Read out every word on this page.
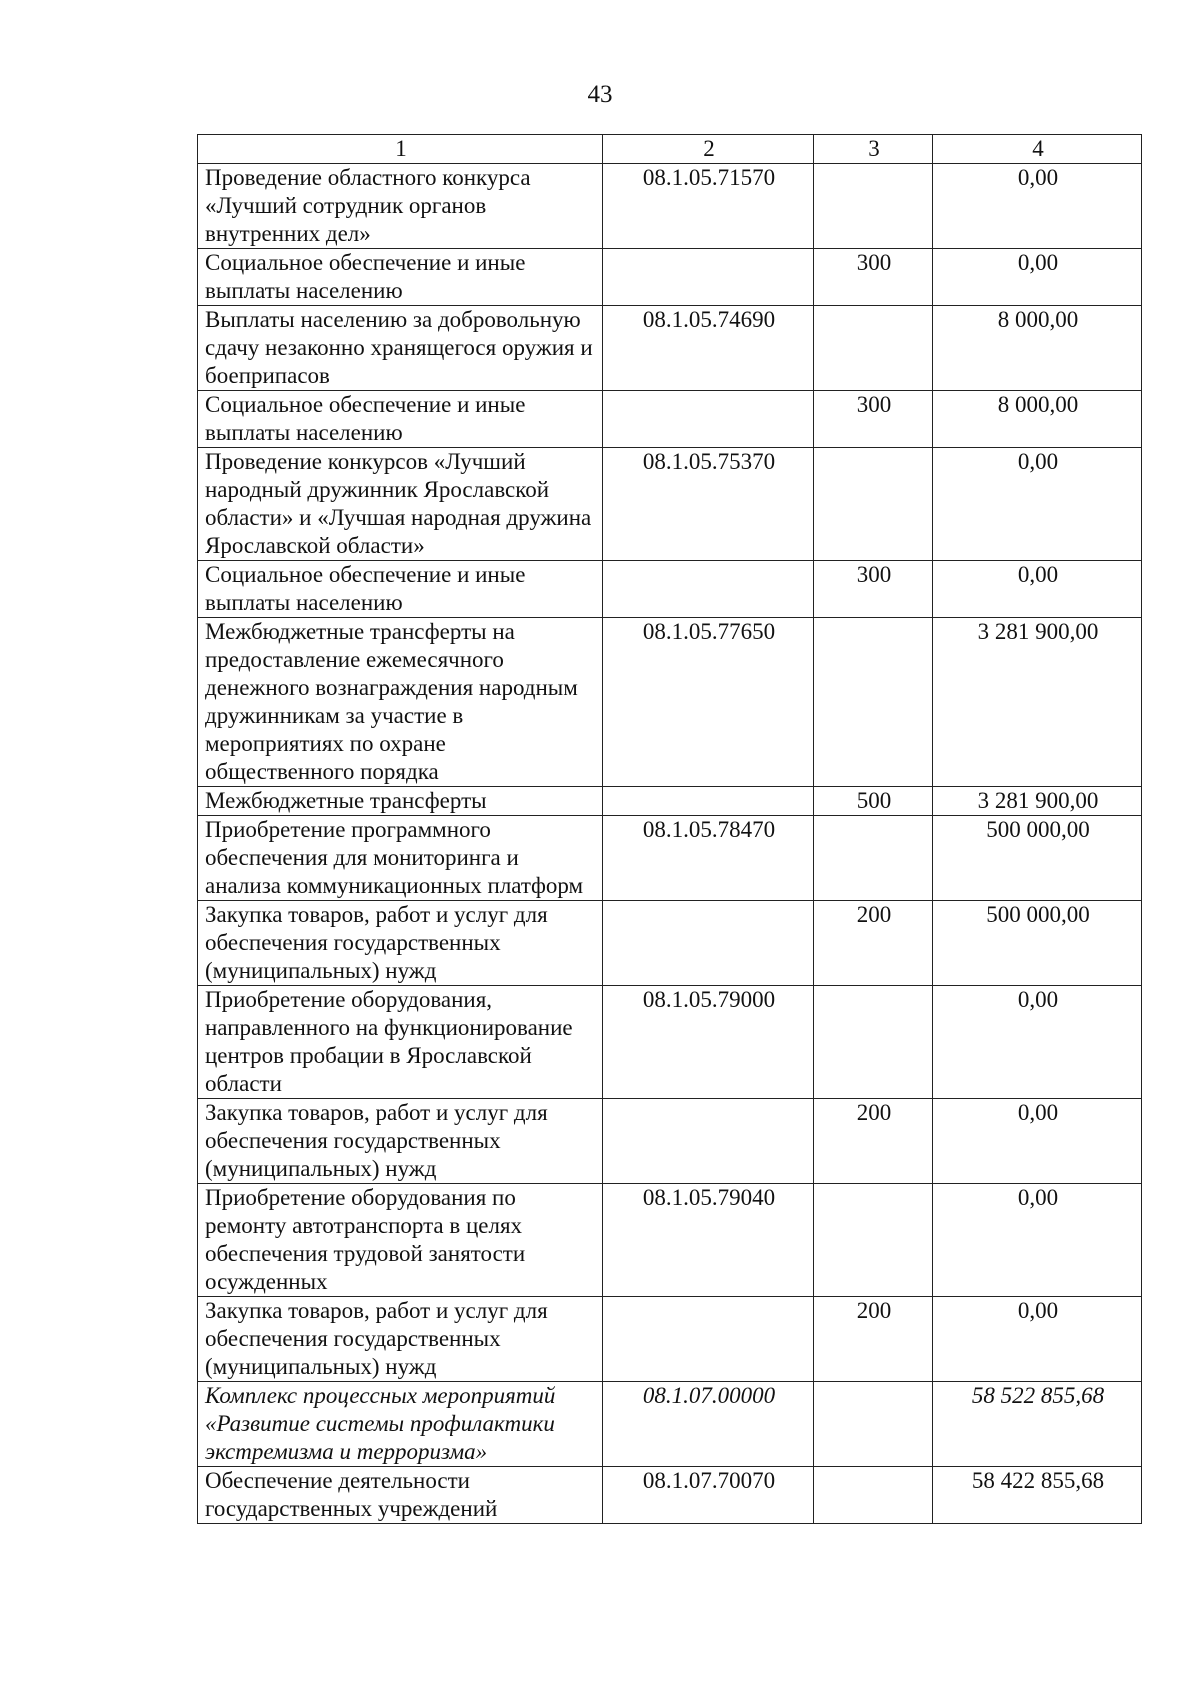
43
1	2	3	4
Проведение областного конкурса «Лучший сотрудник органов внутренних дел»	08.1.05.71570		0,00
Социальное обеспечение и иные выплаты населению		300	0,00
Выплаты населению за добровольную сдачу незаконно хранящегося оружия и боеприпасов	08.1.05.74690		8 000,00
Социальное обеспечение и иные выплаты населению		300	8 000,00
Проведение конкурсов «Лучший народный дружинник Ярославской области» и «Лучшая народная дружина Ярославской области»	08.1.05.75370		0,00
Социальное обеспечение и иные выплаты населению		300	0,00
Межбюджетные трансферты на предоставление ежемесячного денежного вознаграждения народным дружинникам за участие в мероприятиях по охране общественного порядка	08.1.05.77650		3 281 900,00
Межбюджетные трансферты		500	3 281 900,00
Приобретение программного обеспечения для мониторинга и анализа коммуникационных платформ	08.1.05.78470		500 000,00
Закупка товаров, работ и услуг для обеспечения государственных (муниципальных) нужд		200	500 000,00
Приобретение оборудования, направленного на функционирование центров пробации в Ярославской области	08.1.05.79000		0,00
Закупка товаров, работ и услуг для обеспечения государственных (муниципальных) нужд		200	0,00
Приобретение оборудования по ремонту автотранспорта в целях обеспечения трудовой занятости осужденных	08.1.05.79040		0,00
Закупка товаров, работ и услуг для обеспечения государственных (муниципальных) нужд		200	0,00
Комплекс процессных мероприятий «Развитие системы профилактики экстремизма и терроризма»	08.1.07.00000		58 522 855,68
Обеспечение деятельности государственных учреждений	08.1.07.70070		58 422 855,68
